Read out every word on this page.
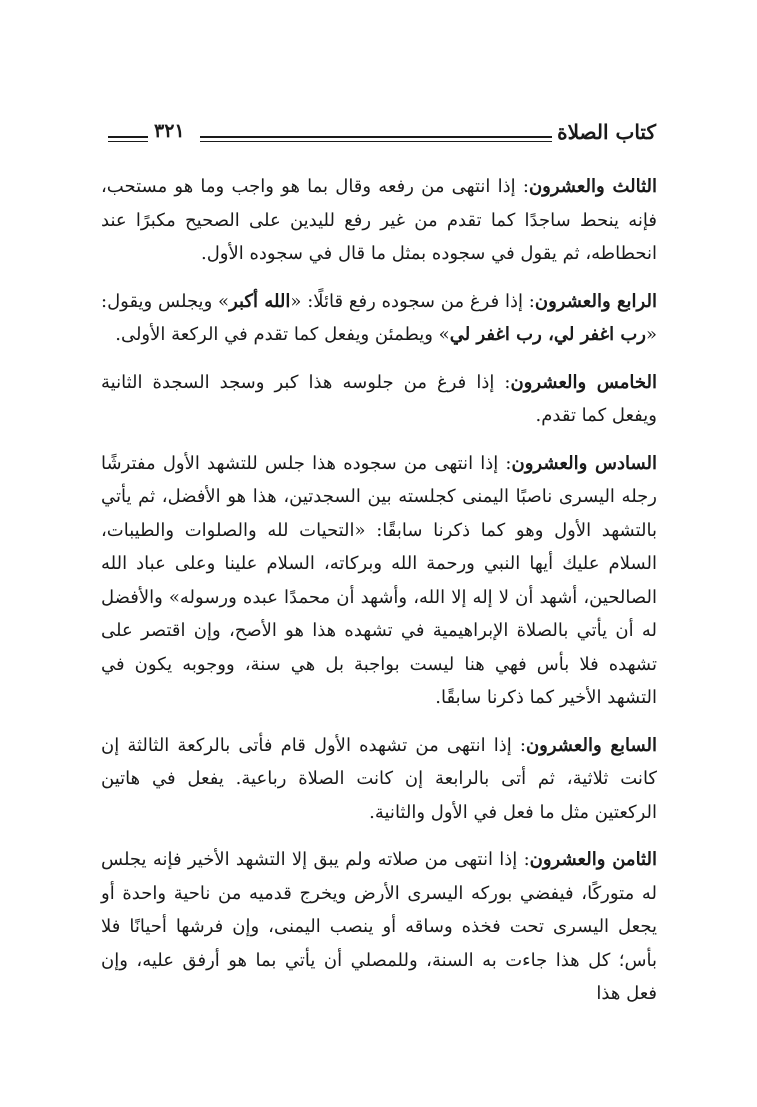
كتاب الصلاة
٣٢١

الثالث والعشرون: إذا انتهى من رفعه وقال بما هو واجب وما هو مستحب، فإنه ينحط ساجدًا كما تقدم من غير رفع لليدين على الصحيح مكبرًا عند انحطاطه، ثم يقول في سجوده بمثل ما قال في سجوده الأول.

الرابع والعشرون: إذا فرغ من سجوده رفع قائلًا: «الله أكبر» ويجلس ويقول: «رب اغفر لي، رب اغفر لي» ويطمئن ويفعل كما تقدم في الركعة الأولى.

الخامس والعشرون: إذا فرغ من جلوسه هذا كبر وسجد السجدة الثانية ويفعل كما تقدم.

السادس والعشرون: إذا انتهى من سجوده هذا جلس للتشهد الأول مفترشًا رجله اليسرى ناصبًا اليمنى كجلسته بين السجدتين، هذا هو الأفضل، ثم يأتي بالتشهد الأول وهو كما ذكرنا سابقًا: «التحيات لله والصلوات والطيبات، السلام عليك أيها النبي ورحمة الله وبركاته، السلام علينا وعلى عباد الله الصالحين، أشهد أن لا إله إلا الله، وأشهد أن محمدًا عبده ورسوله» والأفضل له أن يأتي بالصلاة الإبراهيمية في تشهده هذا هو الأصح، وإن اقتصر على تشهده فلا بأس فهي هنا ليست بواجبة بل هي سنة، ووجوبه يكون في التشهد الأخير كما ذكرنا سابقًا.

السابع والعشرون: إذا انتهى من تشهده الأول قام فأتى بالركعة الثالثة إن كانت ثلاثية، ثم أتى بالرابعة إن كانت الصلاة رباعية. يفعل في هاتين الركعتين مثل ما فعل في الأول والثانية.

الثامن والعشرون: إذا انتهى من صلاته ولم يبق إلا التشهد الأخير فإنه يجلس له متوركًا، فيفضي بوركه اليسرى الأرض ويخرج قدميه من ناحية واحدة أو يجعل اليسرى تحت فخذه وساقه أو ينصب اليمنى، وإن فرشها أحيانًا فلا بأس؛ كل هذا جاءت به السنة، وللمصلي أن يأتي بما هو أرفق عليه، وإن فعل هذا
